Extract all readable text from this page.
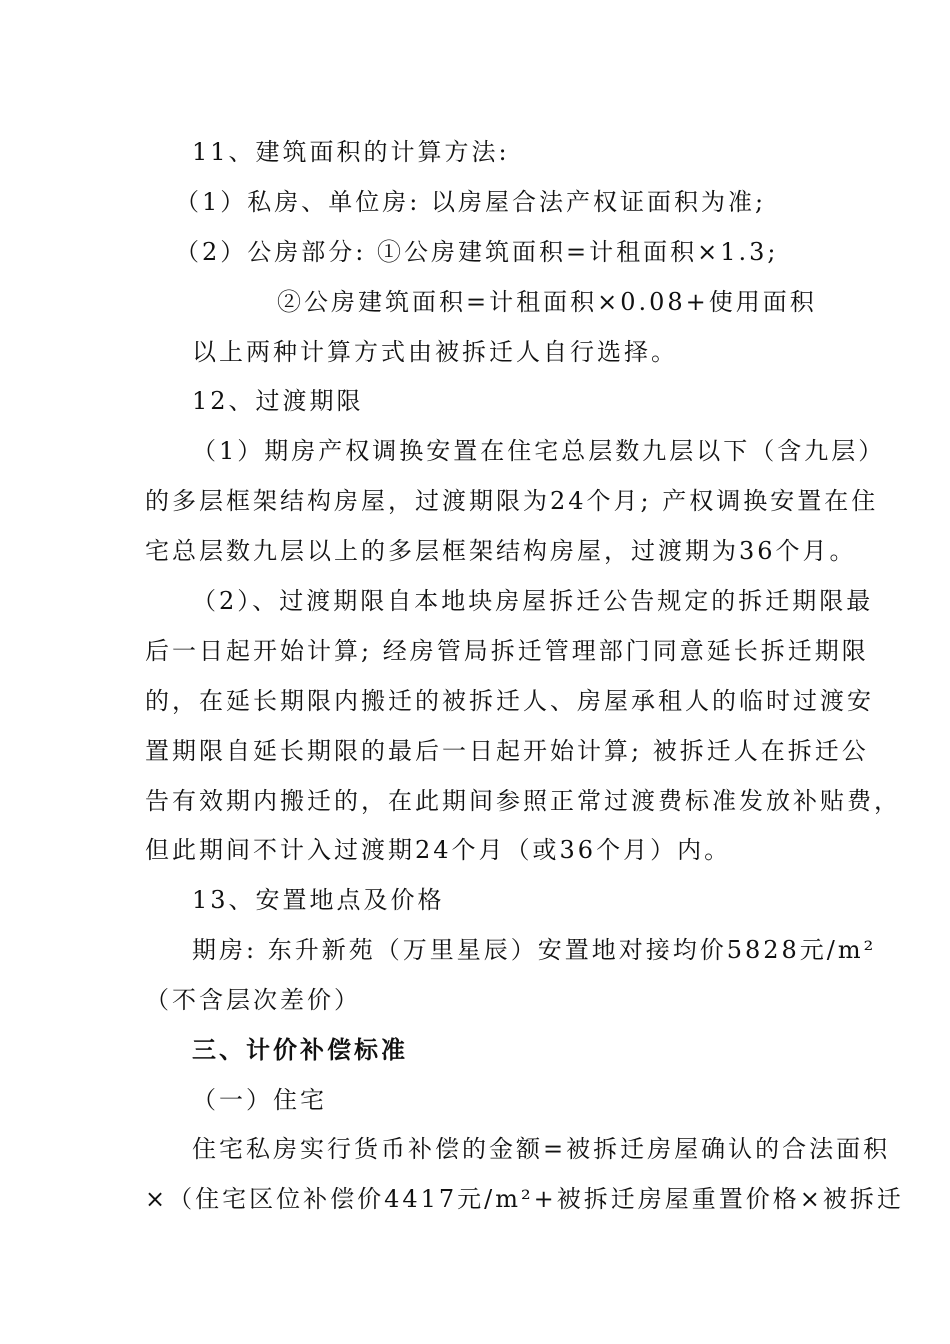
11、建筑面积的计算方法:
（1）私房、单位房: 以房屋合法产权证面积为准;
（2）公房部分: ①公房建筑面积=计租面积×1.3;
②公房建筑面积=计租面积×0.08+使用面积
以上两种计算方式由被拆迁人自行选择。
12、过渡期限
（1）期房产权调换安置在住宅总层数九层以下（含九层）
的多层框架结构房屋，过渡期限为24个月; 产权调换安置在住
宅总层数九层以上的多层框架结构房屋，过渡期为36个月。
（2）、过渡期限自本地块房屋拆迁公告规定的拆迁期限最
后一日起开始计算; 经房管局拆迁管理部门同意延长拆迁期限
的，在延长期限内搬迁的被拆迁人、房屋承租人的临时过渡安
置期限自延长期限的最后一日起开始计算; 被拆迁人在拆迁公
告有效期内搬迁的，在此期间参照正常过渡费标准发放补贴费，
但此期间不计入过渡期24个月（或36个月）内。
13、安置地点及价格
期房: 东升新苑（万里星辰）安置地对接均价5828元/m²
（不含层次差价）
三、计价补偿标准
（一）住宅
住宅私房实行货币补偿的金额=被拆迁房屋确认的合法面积
×（住宅区位补偿价4417元/m²+被拆迁房屋重置价格×被拆迁
